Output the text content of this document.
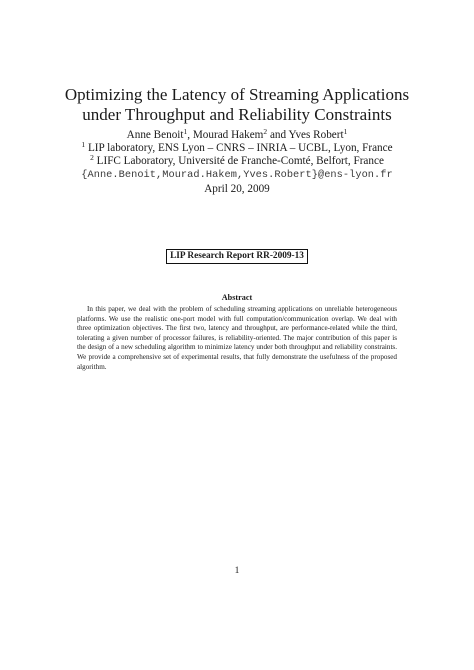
Optimizing the Latency of Streaming Applications
under Throughput and Reliability Constraints
Anne Benoit$^1$, Mourad Hakem$^2$ and Yves Robert$^1$
$^1$ LIP laboratory, ENS Lyon – CNRS – INRIA – UCBL, Lyon, France
$^2$ LIFC Laboratory, Université de Franche-Comté, Belfort, France
{Anne.Benoit,Mourad.Hakem,Yves.Robert}@ens-lyon.fr
April 20, 2009
LIP Research Report RR-2009-13
Abstract

In this paper, we deal with the problem of scheduling streaming applications on unreliable heterogeneous platforms. We use the realistic one-port model with full computation/communication overlap. We deal with three optimization objectives. The first two, latency and throughput, are performance-related while the third, tolerating a given number of processor failures, is reliability-oriented. The major contribution of this paper is the design of a new scheduling algorithm to minimize latency under both throughput and reliability constraints. We provide a comprehensive set of experimental results, that fully demonstrate the usefulness of the proposed algorithm.

1
